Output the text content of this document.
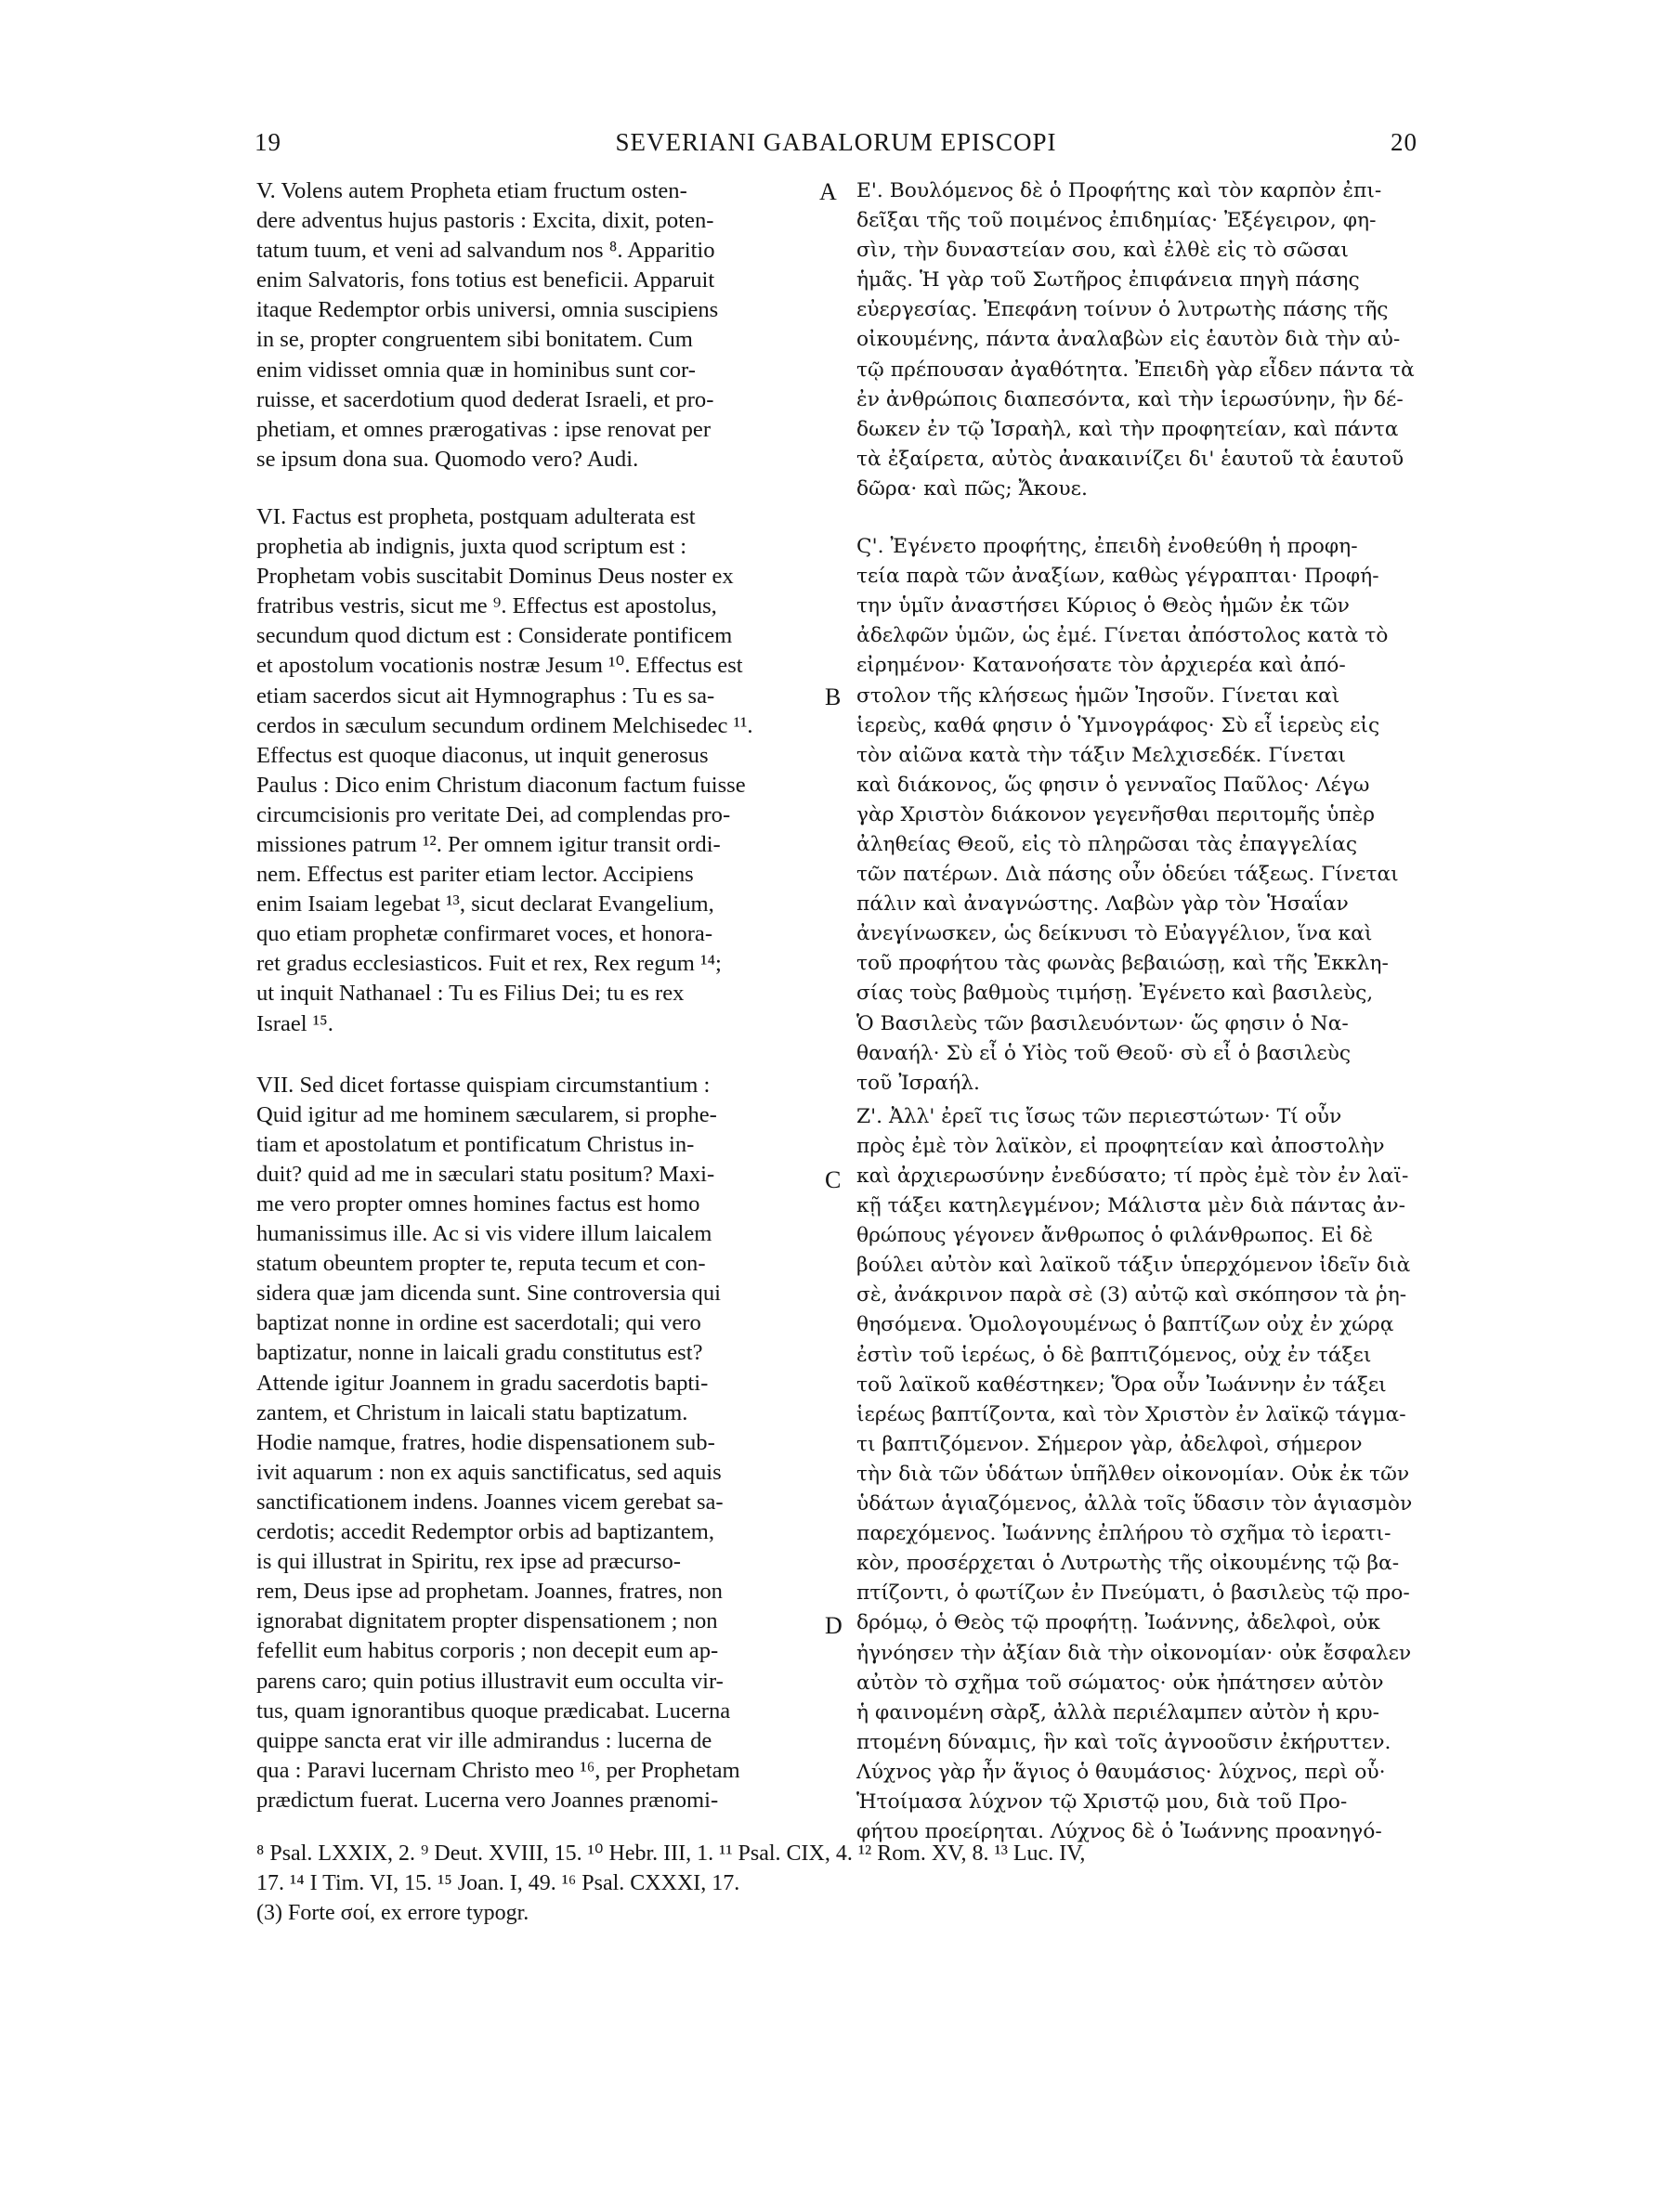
19	SEVERIANI GABALORUM EPISCOPI	20
A
B
C
D
V. Volens autem Propheta etiam fructum osten-
dere adventus hujus pastoris : Excita, dixit, poten-
tatum tuum, et veni ad salvandum nos ⁸. Apparitio
enim Salvatoris, fons totius est beneficii. Apparuit
itaque Redemptor orbis universi, omnia suscipiens
in se, propter congruentem sibi bonitatem. Cum
enim vidisset omnia quæ in hominibus sunt cor-
ruisse, et sacerdotium quod dederat Israeli, et pro-
phetiam, et omnes prærogativas : ipse renovat per
se ipsum dona sua. Quomodo vero? Audi.
VI. Factus est propheta, postquam adulterata est
prophetia ab indignis, juxta quod scriptum est :
Prophetam vobis suscitabit Dominus Deus noster ex
fratribus vestris, sicut me ⁹. Effectus est apostolus,
secundum quod dictum est : Considerate pontificem
et apostolum vocationis nostræ Jesum ¹⁰. Effectus est
etiam sacerdos sicut ait Hymnographus : Tu es sa-
cerdos in sæculum secundum ordinem Melchisedec ¹¹.
Effectus est quoque diaconus, ut inquit generosus
Paulus : Dico enim Christum diaconum factum fuisse
circumcisionis pro veritate Dei, ad complendas pro-
missiones patrum ¹². Per omnem igitur transit ordi-
nem. Effectus est pariter etiam lector. Accipiens
enim Isaiam legebat ¹³, sicut declarat Evangelium,
quo etiam prophetæ confirmaret voces, et honora-
ret gradus ecclesiasticos. Fuit et rex, Rex regum ¹⁴;
ut inquit Nathanael : Tu es Filius Dei; tu es rex
Israel ¹⁵.
VII. Sed dicet fortasse quispiam circumstantium :
Quid igitur ad me hominem sæcularem, si prophe-
tiam et apostolatum et pontificatum Christus in-
duit? quid ad me in sæculari statu positum? Maxi-
me vero propter omnes homines factus est homo
humanissimus ille. Ac si vis videre illum laicalem
statum obeuntem propter te, reputa tecum et con-
sidera quæ jam dicenda sunt. Sine controversia qui
baptizat nonne in ordine est sacerdotali; qui vero
baptizatur, nonne in laicali gradu constitutus est?
Attende igitur Joannem in gradu sacerdotis bapti-
zantem, et Christum in laicali statu baptizatum.
Hodie namque, fratres, hodie dispensationem sub-
ivit aquarum : non ex aquis sanctificatus, sed aquis
sanctificationem indens. Joannes vicem gerebat sa-
cerdotis; accedit Redemptor orbis ad baptizantem,
is qui illustrat in Spiritu, rex ipse ad præcurso-
rem, Deus ipse ad prophetam. Joannes, fratres, non
ignorabat dignitatem propter dispensationem ; non
fefellit eum habitus corporis ; non decepit eum ap-
parens caro; quin potius illustravit eum occulta vir-
tus, quam ignorantibus quoque prædicabat. Lucerna
quippe sancta erat vir ille admirandus : lucerna de
qua : Paravi lucernam Christo meo ¹⁶, per Prophetam
prædictum fuerat. Lucerna vero Joannes prænomi-
Ε'. Βουλόμενος δὲ ὁ Προφήτης καὶ τὸν καρπὸν ἐπι-
δεῖξαι τῆς τοῦ ποιμένος ἐπιδημίας· Ἐξέγειρον, φη-
σὶν, τὴν δυναστείαν σου, καὶ ἐλθὲ εἰς τὸ σῶσαι
ἡμᾶς. Ἡ γὰρ τοῦ Σωτῆρος ἐπιφάνεια πηγὴ πάσης
εὐεργεσίας. Ἐπεφάνη τοίνυν ὁ λυτρωτὴς πάσης τῆς
οἰκουμένης, πάντα ἀναλαβὼν εἰς ἑαυτὸν διὰ τὴν αὐ-
τῷ πρέπουσαν ἀγαθότητα. Ἐπειδὴ γὰρ εἶδεν πάντα τὰ
ἐν ἀνθρώποις διαπεσόντα, καὶ τὴν ἱερωσύνην, ἣν δέ-
δωκεν ἐν τῷ Ἰσραὴλ, καὶ τὴν προφητείαν, καὶ πάντα
τὰ ἐξαίρετα, αὐτὸς ἀνακαινίζει δι' ἑαυτοῦ τὰ ἑαυτοῦ
δῶρα· καὶ πῶς; Ἄκουε.
Ϛ'. Ἐγένετο προφήτης, ἐπειδὴ ἐνοθεύθη ἡ προφη-
τεία παρὰ τῶν ἀναξίων, καθὼς γέγραπται· Προφή-
την ὑμῖν ἀναστήσει Κύριος ὁ Θεὸς ἡμῶν ἐκ τῶν
ἀδελφῶν ὑμῶν, ὡς ἐμέ. Γίνεται ἀπόστολος κατὰ τὸ
εἰρημένον· Κατανοήσατε τὸν ἀρχιερέα καὶ ἀπό-
στολον τῆς κλήσεως ἡμῶν Ἰησοῦν. Γίνεται καὶ
ἱερεὺς, καθά φησιν ὁ Ὑμνογράφος· Σὺ εἶ ἱερεὺς εἰς
τὸν αἰῶνα κατὰ τὴν τάξιν Μελχισεδέκ. Γίνεται
καὶ διάκονος, ὥς φησιν ὁ γενναῖος Παῦλος· Λέγω
γὰρ Χριστὸν διάκονον γεγενῆσθαι περιτομῆς ὑπὲρ
ἀληθείας Θεοῦ, εἰς τὸ πληρῶσαι τὰς ἐπαγγελίας
τῶν πατέρων. Διὰ πάσης οὖν ὁδεύει τάξεως. Γίνεται
πάλιν καὶ ἀναγνώστης. Λαβὼν γὰρ τὸν Ἡσαΐαν
ἀνεγίνωσκεν, ὡς δείκνυσι τὸ Εὐαγγέλιον, ἵνα καὶ
τοῦ προφήτου τὰς φωνὰς βεβαιώσῃ, καὶ τῆς Ἐκκλη-
σίας τοὺς βαθμοὺς τιμήσῃ. Ἐγένετο καὶ βασιλεὺς,
Ὁ Βασιλεὺς τῶν βασιλευόντων· ὥς φησιν ὁ Να-
θαναήλ· Σὺ εἶ ὁ Υἱὸς τοῦ Θεοῦ· σὺ εἶ ὁ βασιλεὺς
τοῦ Ἰσραήλ.
Ζ'. Ἀλλ' ἐρεῖ τις ἴσως τῶν περιεστώτων· Τί οὖν
πρὸς ἐμὲ τὸν λαϊκὸν, εἰ προφητείαν καὶ ἀποστολὴν
καὶ ἀρχιερωσύνην ἐνεδύσατο; τί πρὸς ἐμὲ τὸν ἐν λαϊ-
κῇ τάξει κατηλεγμένον; Μάλιστα μὲν διὰ πάντας ἀν-
θρώπους γέγονεν ἄνθρωπος ὁ φιλάνθρωπος. Εἰ δὲ
βούλει αὐτὸν καὶ λαϊκοῦ τάξιν ὑπερχόμενον ἰδεῖν διὰ
σὲ, ἀνάκρινον παρὰ σὲ (3) αὐτῷ καὶ σκόπησον τὰ ῥη-
θησόμενα. Ὁμολογουμένως ὁ βαπτίζων οὐχ ἐν χώρᾳ
ἐστὶν τοῦ ἱερέως, ὁ δὲ βαπτιζόμενος, οὐχ ἐν τάξει
τοῦ λαϊκοῦ καθέστηκεν; Ὅρα οὖν Ἰωάννην ἐν τάξει
ἱερέως βαπτίζοντα, καὶ τὸν Χριστὸν ἐν λαϊκῷ τάγμα-
τι βαπτιζόμενον. Σήμερον γὰρ, ἀδελφοὶ, σήμερον
τὴν διὰ τῶν ὑδάτων ὑπῆλθεν οἰκονομίαν. Οὐκ ἐκ τῶν
ὑδάτων ἁγιαζόμενος, ἀλλὰ τοῖς ὕδασιν τὸν ἁγιασμὸν
παρεχόμενος. Ἰωάννης ἐπλήρου τὸ σχῆμα τὸ ἱερατι-
κὸν, προσέρχεται ὁ Λυτρωτὴς τῆς οἰκουμένης τῷ βα-
πτίζοντι, ὁ φωτίζων ἐν Πνεύματι, ὁ βασιλεὺς τῷ προ-
δρόμῳ, ὁ Θεὸς τῷ προφήτῃ. Ἰωάννης, ἀδελφοὶ, οὐκ
ἠγνόησεν τὴν ἀξίαν διὰ τὴν οἰκονομίαν· οὐκ ἔσφαλεν
αὐτὸν τὸ σχῆμα τοῦ σώματος· οὐκ ἠπάτησεν αὐτὸν
ἡ φαινομένη σὰρξ, ἀλλὰ περιέλαμπεν αὐτὸν ἡ κρυ-
πτομένη δύναμις, ἣν καὶ τοῖς ἀγνοοῦσιν ἐκήρυττεν.
Λύχνος γὰρ ἦν ἅγιος ὁ θαυμάσιος· λύχνος, περὶ οὗ·
Ἡτοίμασα λύχνον τῷ Χριστῷ μου, διὰ τοῦ Προ-
φήτου προείρηται. Λύχνος δὲ ὁ Ἰωάννης προανηγό-
⁸ Psal. LXXIX, 2. ⁹ Deut. XVIII, 15. ¹⁰ Hebr. III, 1. ¹¹ Psal. CIX, 4. ¹² Rom. XV, 8. ¹³ Luc. IV,
17. ¹⁴ I Tim. VI, 15. ¹⁵ Joan. I, 49. ¹⁶ Psal. CXXXI, 17.
(3) Forte σοί, ex errore typogr.
